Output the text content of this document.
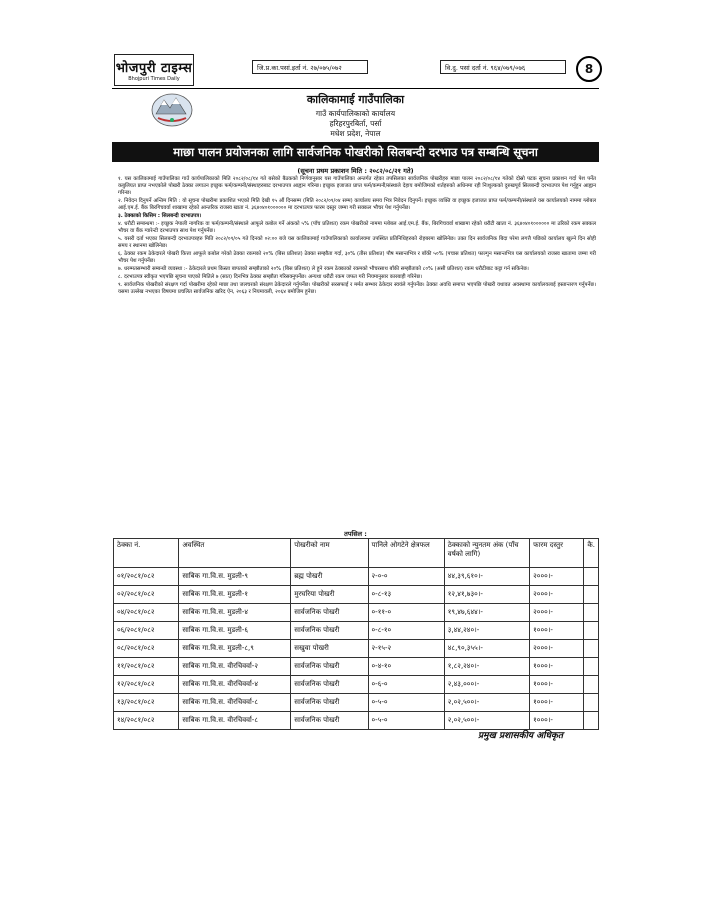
भोजपुरी टाइम्स
Bhojpuri Times Daily
जि.प्र.का.पसां.इर्ता नं. २७/०७५/०७२	वि.दु. पसां दर्ता नं. ९६४/०७९/०७६	8
कालिकामाई गाउँपालिका
गाउँ कार्यपालिकाको कार्यालय
हरिहरपुरबिर्ता, पर्सा
मधेश प्रदेश, नेपाल
माछा पालन प्रयोजनका लागि सार्वजनिक पोखरीको सिलबन्दी दरभाउ पत्र सम्बन्धि सूचना
(सूचना प्रथम प्रकाशन मिति : २०८२/०८/२१ गते)

१. यस कालिकामाई गाउँपालिका गाउँ कार्यपालिकाको मिति २०८२/०८/१४ गते बसेको बैठकको निर्णयानुसार यस गाउँपालिका अन्तर्गत रहेका तपसिलका सार्वजनिक पोखरीहरु माछा पालन २०८२/०८/१४ गतेको दोस्रो पटक सूचना प्रकाशन गर्दा पेश पर्नेत कबुलियत प्राप्त नभएकोले पोखरी ठेक्का लगाउन इच्छुक फर्म/कम्पनी/संस्थाहरुबाट दरभाउपत्र आह्वान गरिन्छ। इच्छुक इजाजत प्राप्त फर्म/कम्पनी/संस्थाले देहाय बमोजिमको शर्तहरुको अधिनमा रही निःशुल्कको दुरुखपूर्व सिलबन्दी दरभाउपत्र पेश गर्नुहुन आह्वान गरिन्छ।

२. निवेदन दिनुपर्ने अन्तिम मिति : यो सूचना पोखरीमा प्रकाशित भएको मिति देखी १५ औं दिनसम्म (मिति २०८२/०९/०४ सम्म) कार्यालय समय भित्र निवेदन दिनुपर्ने। इच्छुक व्यक्ति वा इच्छुक इजाजत प्राप्त फर्म/कम्पनी/संस्थाले यस कार्यालयको नाममा ग्लोबल आई.एम.ई. बैंक बिरगिचवर्वा शाखामा रहेको आन्तरिक राजस्व खाता नं. ३६४०४०१०००००० मा दरभाउपत्र फारम दस्तुर जम्मा गरी सक्कल भौचर पेश गर्नुपर्नेछ।

३. ठेक्काको किसिम : सिलबन्दी दरभाउपत्र।

४. धरौटी सम्बन्धमा :- इच्छुक नेपाली नागरिक वा फर्म/कम्पनी/संस्थाले आफूले कबोल गर्ने अंकको ५% (पाँच प्रतिशत) रकम पोखरीको नाममा ग्लोबल आई.एम.ई. बैंक, बिरगिचवर्वा शाखामा रहेको धरौटी खाता नं. ३६४०४०१०००००० मा ठरिको रकम सक्कल भौचर वा बैंक ग्यारेन्टी दरभाउपत्र साथ पेश गर्नुपर्नेछ।

५. यसरी दर्ता भएका सिलबन्दी दरभाउपत्रहरु मिति २०८२/०९/०५ गते दिनको ०२:०० बजे यस कालिकामाई गाउँपालिकाको कार्यालयमा उपस्थित प्रतिनिधिहरुको रोहबरमा खोलिनेछ। उक्त दिन सार्वजनिक बिदा परेमा लगत्तै पछिको कार्यालय खुल्ने दिन सोही समय र स्थानमा खोलिनेछ।

६. ठेक्का रकम ठेकेदारले पोखरी कित्ता आफूले कबोल गरेको ठेक्का रकमको २०% (बिस प्रतिशत) ठेक्का सम्झौता गर्दा, ३०% (तीस प्रतिशत) पौष मसान्तभित्र र बाँकी ५०% (पचास प्रतिशत) फाल्गुन मसान्तभित्र यस कार्यालयको राजस्व खातामा जम्मा गरी भौचर पेश गर्नुपर्नेछ।

७. धरम्मतसम्भारी सम्बन्धी व्यवस्था :- ठेकेदारले प्रथम किस्ता बापतको सम्झौताको २०% (बिस प्रतिशत) ले हुने रकम ठेक्काको रकमको भौचरसाथ बाँकी सम्झौताको ८०% (असी प्रतिशत) रकम धरौटीबाट कट्टा गर्न सकिनेछ।

८. दरभाउपत्र स्वीकृत भएपछि सूचना पाएको मितिले ७ (सात) दिनभित्र ठेक्का सम्झौता गरिसक्नुपर्नेछ। अन्यथा धरौटी रकम जफत गरी नियमानुसार कारबाही गरिनेछ।

९. सार्वजनिक पोखरीको संरक्षण गर्दा पोखरीमा रहेको माछा तथा जलचरको संरक्षण ठेकेदारले गर्नुपर्नेछ। पोखरीको सरसफाई र मर्मत सम्भार ठेकेदार स्वयंले गर्नुपर्नेछ। ठेक्का अवधि समाप्त भएपछि पोखरी यथावत अवस्थामा कार्यालयलाई हस्तान्तरण गर्नुपर्नेछ। यसमा उल्लेख नभएका विषयमा प्रचलित सार्वजनिक खरिद ऐन, २०६३ र नियमावली, २०६४ बमोजिम हुनेछ।

तपसिल :
ठेक्का नं.	अवस्थित	पोखरीको नाम	पानिले ओगटेने क्षेत्रफल	ठेक्काको न्युनतम अंक (पाँच वर्षको लागि)	फारम दस्तुर	कै.
०१/२०८१/०८२	साबिक गा.वि.स. मुडली-९	ब्रह्म पोखरी	२-०-०	४४,३९,६१०।-	२०००।-	
०२/२०८१/०८२	साबिक गा.वि.स. मुडली-१	मुरघरिया पोखरी	०-८-१३	१२,४१,७३०।-	२०००।-	
०४/२०८१/०८२	साबिक गा.वि.स. मुडली-४	सार्वजनिक पोखरी	०-११-०	१९,४७,६४४।-	२०००।-	
०६/२०८१/०८२	साबिक गा.वि.स. मुडली-६	सार्वजनिक पोखरी	०-८-१०	३,४४,२४०।-	१०००।-	
०८/२०८१/०८२	साबिक गा.वि.स. मुडली-८,९	सखुवा पोखरी	२-१५-२	४८,९०,३५५।-	२०००।-	
११/२०८१/०८२	साबिक गा.वि.स. वीरचिवर्वा-२	सार्वजनिक पोखरी	०-४-१०	१,८२,२४०।-	१०००।-	
१२/२०८१/०८२	साबिक गा.वि.स. वीरचिवर्वा-४	सार्वजनिक पोखरी	०-६-०	२,४३,०००।-	१०००।-	
१३/२०८१/०८२	साबिक गा.वि.स. वीरचिवर्वा-८	सार्वजनिक पोखरी	०-५-०	२,०२,५००।-	१०००।-	
१४/२०८१/०८२	साबिक गा.वि.स. वीरचिवर्वा-८	सार्वजनिक पोखरी	०-५-०	२,०२,५००।-	१०००।-	
प्रमुख प्रशासकीय अधिकृत
